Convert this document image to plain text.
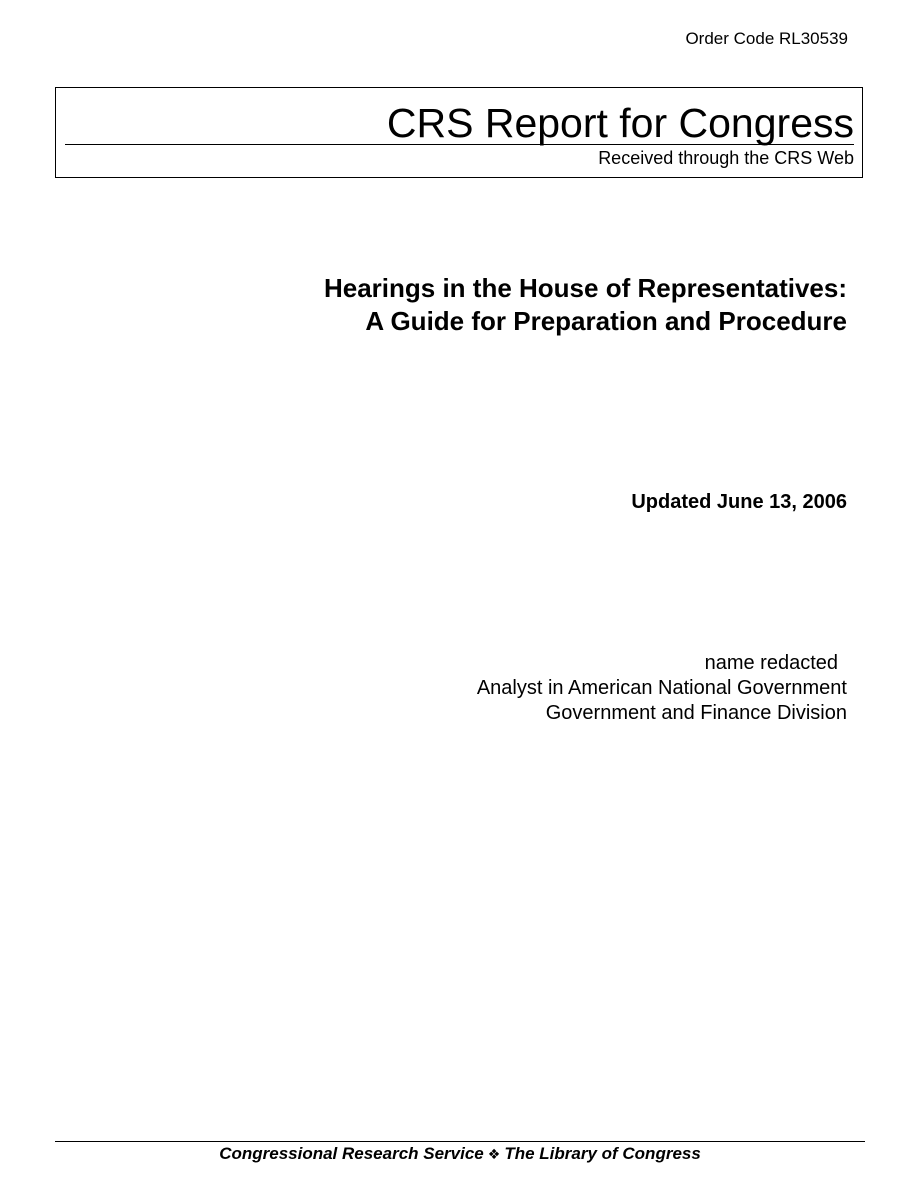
Order Code RL30539
CRS Report for Congress
Received through the CRS Web
Hearings in the House of Representatives:
A Guide for Preparation and Procedure
Updated June 13, 2006
name redacted
Analyst in American National Government
Government and Finance Division
Congressional Research Service ❖ The Library of Congress
